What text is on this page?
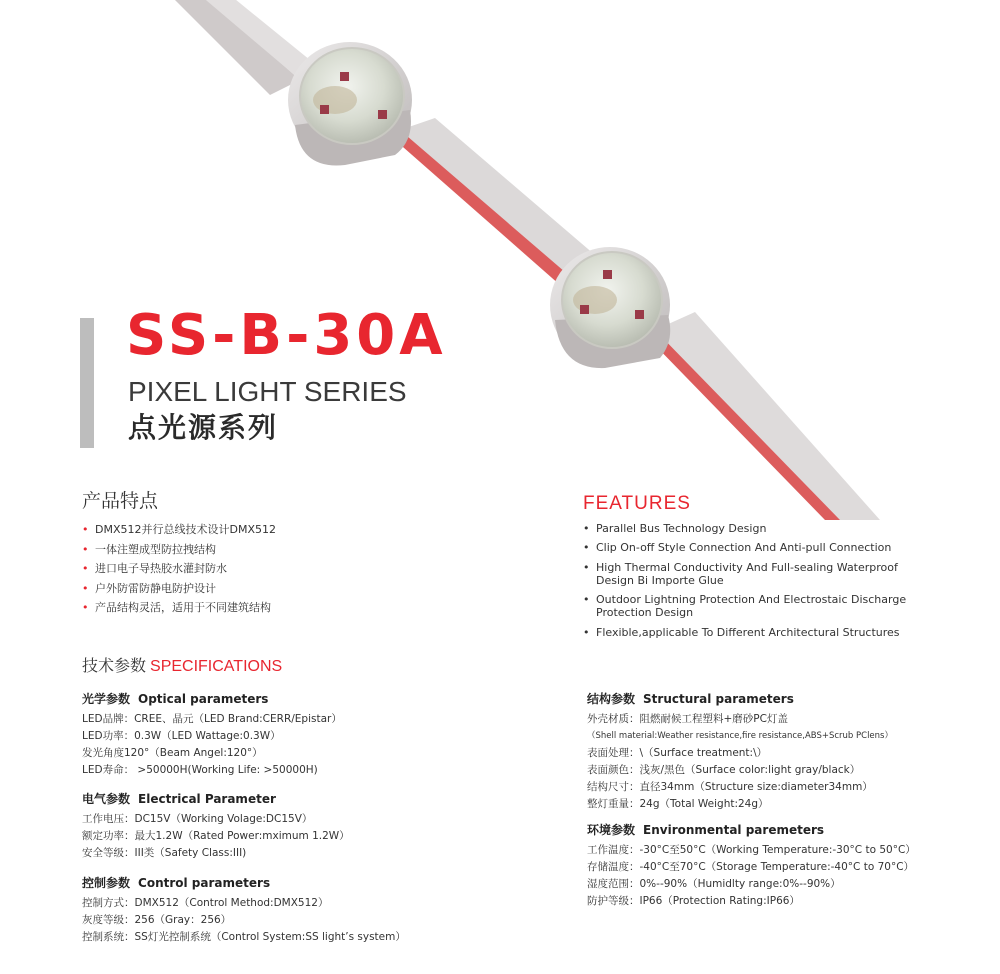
SS-B-30A
PIXEL LIGHT SERIES
点光源系列
产品特点
• DMX512并行总线技术设计DMX512
• 一体注塑成型防拉拽结构
• 进口电子导热胶水灌封防水
• 户外防雷防静电防护设计
• 产品结构灵活，适用于不同建筑结构
FEATURES
• Parallel Bus Technology Design
• Clip On-off Style Connection And Anti-pull Connection
• High Thermal Conductivity And Full-sealing Waterproof Design Bi Importe Glue
• Outdoor Lightning Protection And Electrostaic Discharge Protection Design
• Flexible,applicable To Different Architectural Structures
技术参数 SPECIFICATIONS
光学参数 Optical parameters
LED品牌：CREE、晶元（LED Brand:CERR/Epistar）
LED功率：0.3W（LED Wattage:0.3W）
发光角度120°（Beam Angel:120°）
LED寿命： >50000H(Working Life: >50000H)
电气参数 Electrical Parameter
工作电压：DC15V（Working Volage:DC15V）
额定功率：最大1.2W（Rated Power:mximum 1.2W）
安全等级：III类（Safety Class:III)
控制参数 Control parameters
控制方式：DMX512（Control Method:DMX512）
灰度等级：256（Gray：256）
控制系统：SS灯光控制系统（Control System:SS light’s system）
结构参数 Structural parameters
外壳材质：阻燃耐候工程塑料+磨砂PC灯盖
（Shell material:Weather resistance,fire resistance,ABS+Scrub PClens）
表面处理：\（Surface treatment:\）
表面颜色：浅灰/黑色（Surface color:light gray/black）
结构尺寸：直径34mm（Structure size:diameter34mm）
整灯重量：24g（Total Weight:24g）
环境参数 Environmental paremeters
工作温度：-30°C至50°C（Working Temperature:-30°C to 50°C）
存储温度：-40°C至70°C（Storage Temperature:-40°C to 70°C）
湿度范围：0%--90%（Humidlty range:0%--90%）
防护等级：IP66（Protection Rating:IP66）
